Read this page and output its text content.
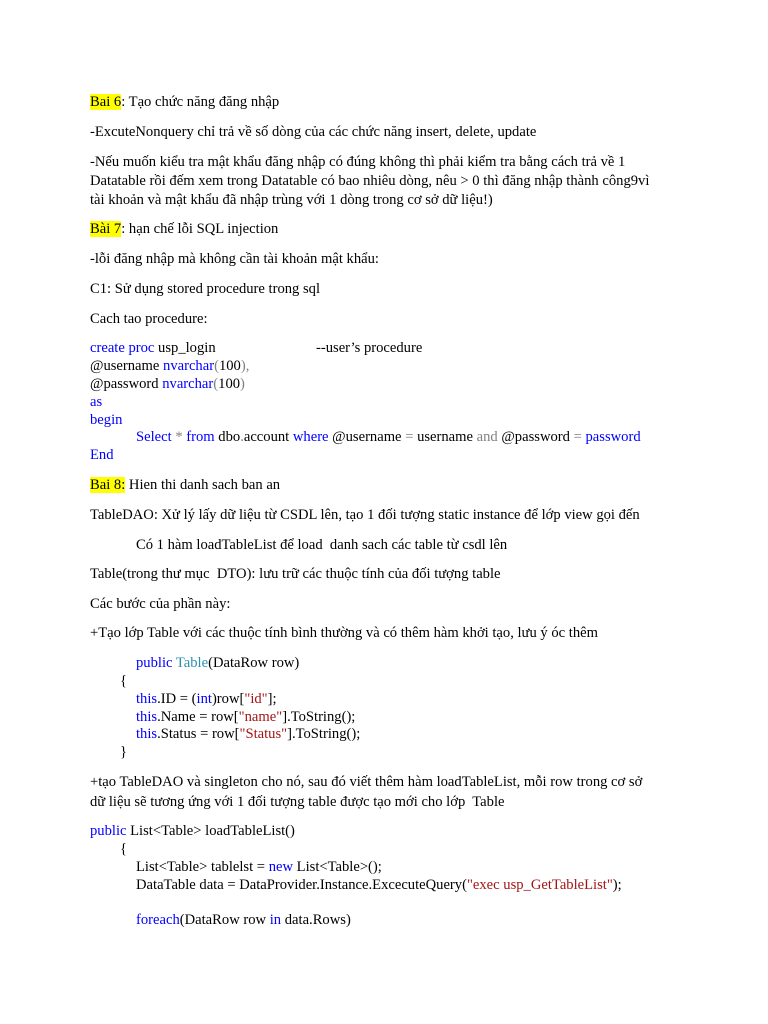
Bai 6: Tạo chức năng đăng nhập
-ExcuteNonquery chỉ trả về số dòng của các chức năng insert, delete, update
-Nếu muốn kiểu tra mật khẩu đăng nhập có đúng không thì phải kiểm tra bằng cách trả về 1
Datatable rồi đếm xem trong Datatable có bao nhiêu dòng, nêu > 0 thì đăng nhập thành công9vì
tài khoản và mật khẩu đã nhập trùng với 1 dòng trong cơ sở dữ liệu!)
Bài 7: hạn chế lỗi SQL injection
-lỗi đăng nhập mà không cần tài khoản mật khẩu:
C1: Sử dụng stored procedure trong sql
Cach tao procedure:
create proc usp_login	--user’s procedure
@username nvarchar(100),
@password nvarchar(100)
as
begin
Select * from dbo.account where @username = username and @password = password
End
Bai 8: Hien thi danh sach ban an
TableDAO: Xử lý lấy dữ liệu từ CSDL lên, tạo 1 đối tượng static instance để lớp view gọi đến
Có 1 hàm loadTableList để load  danh sach các table từ csdl lên
Table(trong thư mục  DTO): lưu trữ các thuộc tính của đối tượng table
Các bước của phần này:
+Tạo lớp Table với các thuộc tính bình thường và có thêm hàm khởi tạo, lưu ý óc thêm
public Table(DataRow row)
{
this.ID = (int)row["id"];
this.Name = row["name"].ToString();
this.Status = row["Status"].ToString();
}
+tạo TableDAO và singleton cho nó, sau đó viết thêm hàm loadTableList, mỗi row trong cơ sở
dữ liệu sẽ tương ứng với 1 đối tượng table được tạo mới cho lớp  Table
public List<Table> loadTableList()
{
List<Table> tablelst = new List<Table>();
DataTable data = DataProvider.Instance.ExcecuteQuery("exec usp_GetTableList");
foreach(DataRow row in data.Rows)
